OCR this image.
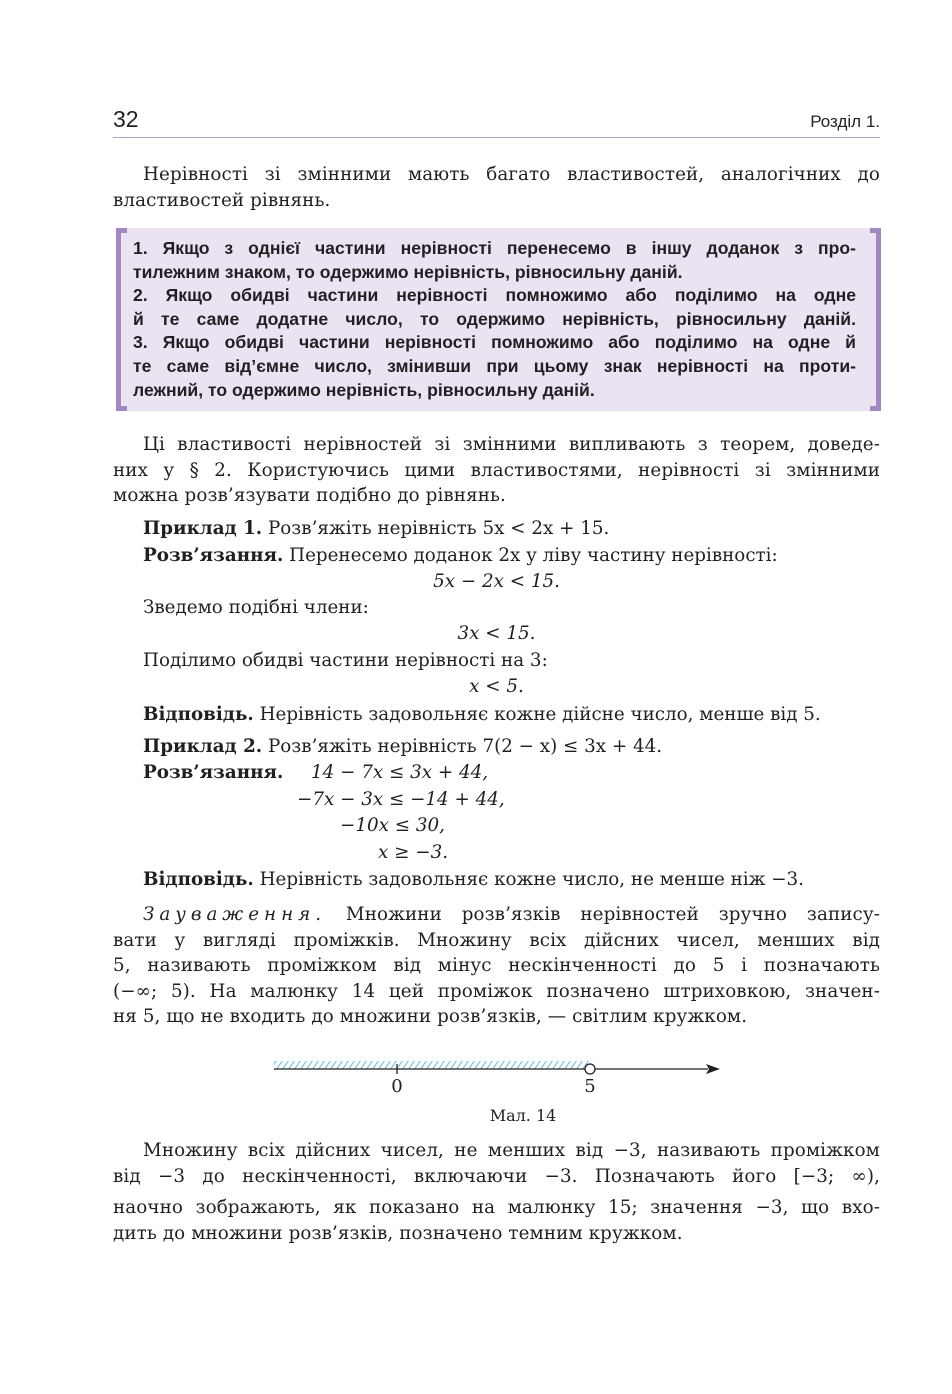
32	Розділ 1.
Нерівності зі змінними мають багато властивостей, аналогічних до
властивостей рівнянь.
1. Якщо з однієї частини нерівності перенесемо в іншу доданок з про-
тилежним знаком, то одержимо нерівність, рівносильну даній.
2. Якщо обидві частини нерівності помножимо або поділимо на одне
й те саме додатне число, то одержимо нерівність, рівносильну даній.
3. Якщо обидві частини нерівності помножимо або поділимо на одне й
те саме від’ємне число, змінивши при цьому знак нерівності на проти-
лежний, то одержимо нерівність, рівносильну даній.
Ці властивості нерівностей зі змінними випливають з теорем, доведе-
них у § 2. Користуючись цими властивостями, нерівності зі змінними
можна розв’язувати подібно до рівнянь.
Приклад 1. Розв’яжіть нерівність 5x < 2x + 15.
Розв’язання. Перенесемо доданок 2x у ліву частину нерівності:
5x − 2x < 15.
Зведемо подібні члени:
3x < 15.
Поділимо обидві частини нерівності на 3:
x < 5.
Відповідь. Нерівність задовольняє кожне дійсне число, менше від 5.
Приклад 2. Розв’яжіть нерівність 7(2 − x) ≤ 3x + 44.
Розв’язання. 14 − 7x ≤ 3x + 44,
−7x − 3x ≤ −14 + 44,
−10x ≤ 30,
x ≥ −3.
Відповідь. Нерівність задовольняє кожне число, не менше ніж −3.
Зауваження. Множини розв’язків нерівностей зручно запису-
вати у вигляді проміжків. Множину всіх дійсних чисел, менших від
5, називають проміжком від мінус нескінченності до 5 і позначають
(−∞; 5). На малюнку 14 цей проміжок позначено штриховкою, значен-
ня 5, що не входить до множини розв’язків, — світлим кружком.
0	5
Мал. 14
Множину всіх дійсних чисел, не менших від −3, називають проміжком
від −3 до нескінченності, включаючи −3. Позначають його [−3; ∞),
наочно зображають, як показано на малюнку 15; значення −3, що вхо-
дить до множини розв’язків, позначено темним кружком.
